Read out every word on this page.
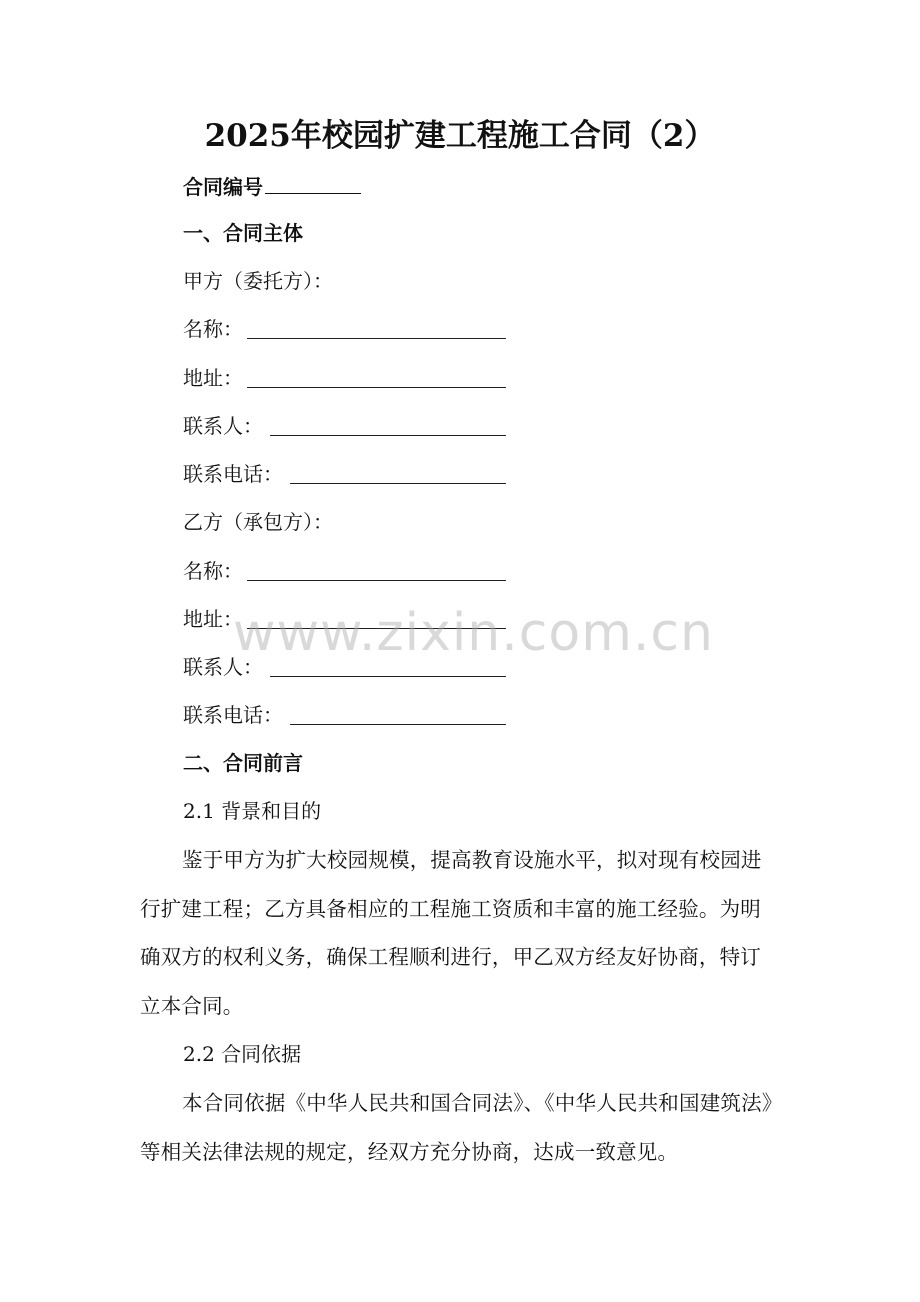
2025年校园扩建工程施工合同（2）
合同编号
一、合同主体
甲方（委托方）：
名称：
地址：
联系人：
联系电话：
乙方（承包方）：
名称：
地址：
联系人：
联系电话：
二、合同前言
2.1 背景和目的
鉴于甲方为扩大校园规模，提高教育设施水平，拟对现有校园进
行扩建工程；乙方具备相应的工程施工资质和丰富的施工经验。为明
确双方的权利义务，确保工程顺利进行，甲乙双方经友好协商，特订
立本合同。
2.2 合同依据
本合同依据《中华人民共和国合同法》、《中华人民共和国建筑法》
等相关法律法规的规定，经双方充分协商，达成一致意见。
www.zixin.com.cn
